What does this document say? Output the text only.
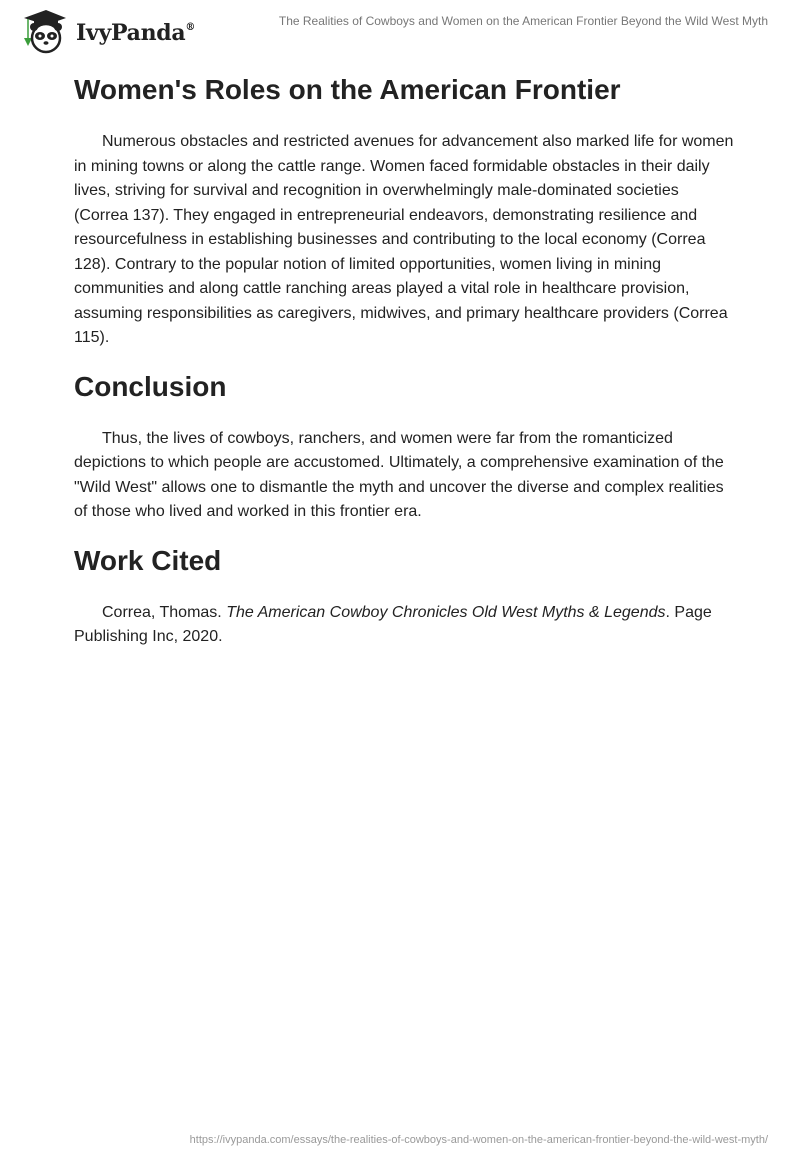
IvyPanda®	The Realities of Cowboys and Women on the American Frontier Beyond the Wild West Myth
Women's Roles on the American Frontier

Numerous obstacles and restricted avenues for advancement also marked life for women in mining towns or along the cattle range. Women faced formidable obstacles in their daily lives, striving for survival and recognition in overwhelmingly male-dominated societies (Correa 137). They engaged in entrepreneurial endeavors, demonstrating resilience and resourcefulness in establishing businesses and contributing to the local economy (Correa 128). Contrary to the popular notion of limited opportunities, women living in mining communities and along cattle ranching areas played a vital role in healthcare provision, assuming responsibilities as caregivers, midwives, and primary healthcare providers (Correa 115).

Conclusion

Thus, the lives of cowboys, ranchers, and women were far from the romanticized depictions to which people are accustomed. Ultimately, a comprehensive examination of the "Wild West" allows one to dismantle the myth and uncover the diverse and complex realities of those who lived and worked in this frontier era.

Work Cited

Correa, Thomas. The American Cowboy Chronicles Old West Myths & Legends. Page Publishing Inc, 2020.

https://ivypanda.com/essays/the-realities-of-cowboys-and-women-on-the-american-frontier-beyond-the-wild-west-myth/
